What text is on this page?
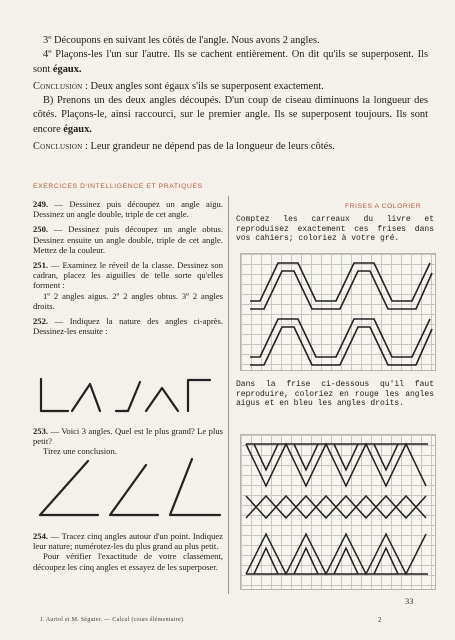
3º Découpons en suivant les côtés de l'angle. Nous avons 2 angles.

4º Plaçons-les l'un sur l'autre. Ils se cachent entièrement. On dit qu'ils se superposent. Ils sont égaux.

Conclusion : Deux angles sont égaux s'ils se superposent exactement.

B) Prenons un des deux angles découpés. D'un coup de ciseau diminuons la longueur des côtés. Plaçons-le, ainsi raccourci, sur le premier angle. Ils se superposent toujours. Ils sont encore égaux.

Conclusion : Leur grandeur ne dépend pas de la longueur de leurs côtés.

EXERCICES D'INTELLIGENCE ET PRATIQUES

249. — Dessinez puis découpez un angle aigu. Dessinez un angle double, triple de cet angle.

250. — Dessinez puis découpez un angle obtus. Dessinez ensuite un angle double, triple de cet angle. Mettez de la couleur.

251. — Examinez le réveil de la classe. Dessinez son cadran, placez les aiguilles de telle sorte qu'elles forment :

1º 2 angles aigus. 2º 2 angles obtus. 3º 2 angles droits.

252. — Indiquez la nature des angles ci-après. Dessinez-les ensuite :

253. — Voici 3 angles. Quel est le plus grand? Le plus petit?

Tirez une conclusion.

254. — Tracez cinq angles autour d'un point. Indiquez leur nature; numérotez-les du plus grand au plus petit.

Pour vérifier l'exactitude de votre classement, découpez les cinq angles et essayez de les superposer.

FRISES A COLORIER
Comptez les carreaux du livre et reproduisez exactement ces frises dans vos cahiers; coloriez à votre gré.
Dans la frise ci-dessous qu'il faut reproduire, coloriez en rouge les angles aigus et en bleu les angles droits.
33
J. Auriol et M. Séguier. — Calcul (cours élémentaire).	2
